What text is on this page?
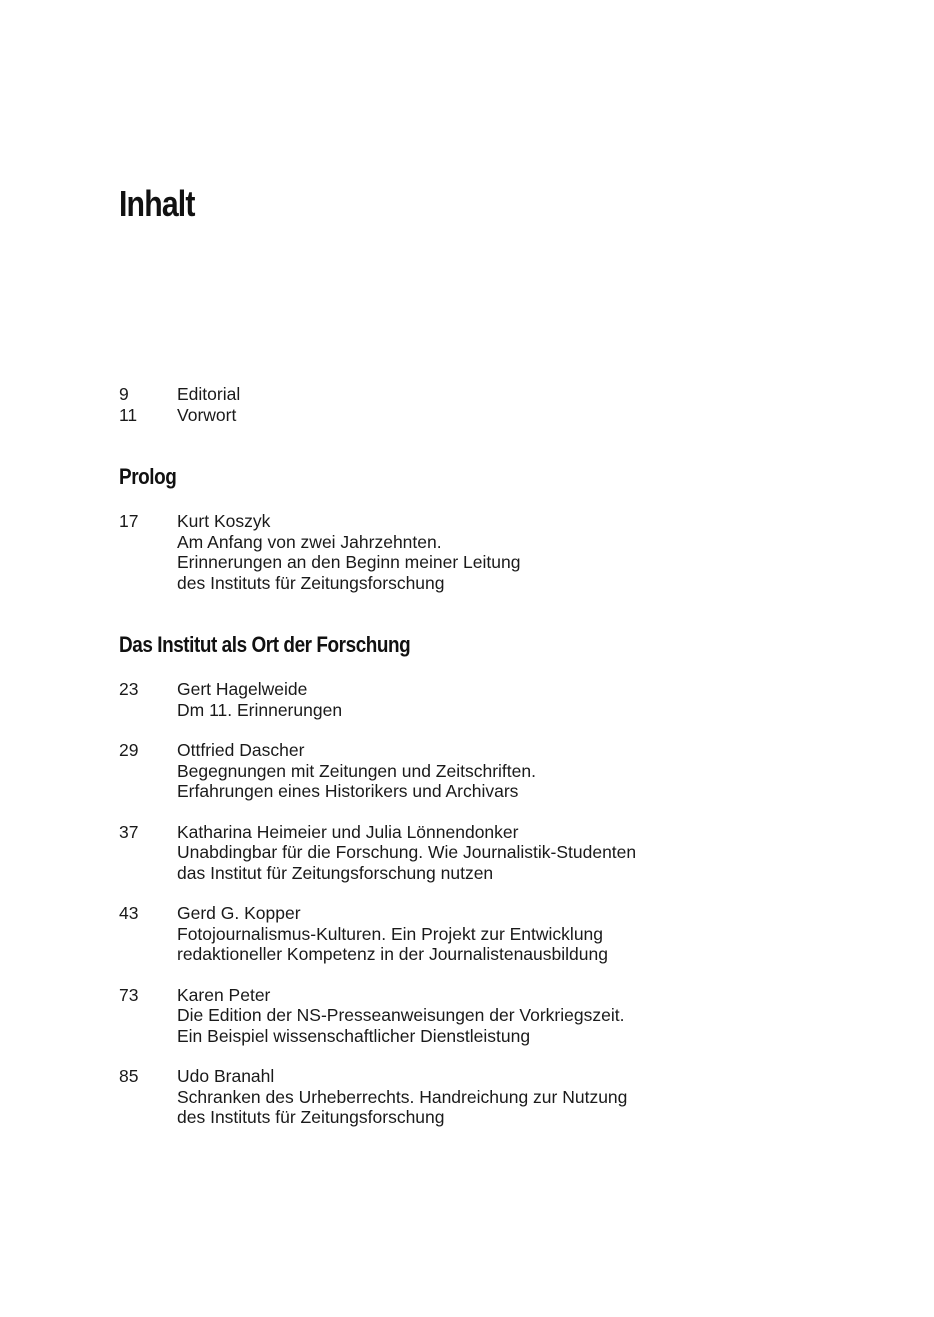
Inhalt
9	Editorial
11	Vorwort
Prolog
17	Kurt Koszyk
Am Anfang von zwei Jahrzehnten.
Erinnerungen an den Beginn meiner Leitung
des Instituts für Zeitungsforschung
Das Institut als Ort der Forschung
23	Gert Hagelweide
Dm 11. Erinnerungen
29	Ottfried Dascher
Begegnungen mit Zeitungen und Zeitschriften.
Erfahrungen eines Historikers und Archivars
37	Katharina Heimeier und Julia Lönnendonker
Unabdingbar für die Forschung. Wie Journalistik-Studenten
das Institut für Zeitungsforschung nutzen
43	Gerd G. Kopper
Fotojournalismus-Kulturen. Ein Projekt zur Entwicklung
redaktioneller Kompetenz in der Journalistenausbildung
73	Karen Peter
Die Edition der NS-Presseanweisungen der Vorkriegszeit.
Ein Beispiel wissenschaftlicher Dienstleistung
85	Udo Branahl
Schranken des Urheberrechts. Handreichung zur Nutzung
des Instituts für Zeitungsforschung
